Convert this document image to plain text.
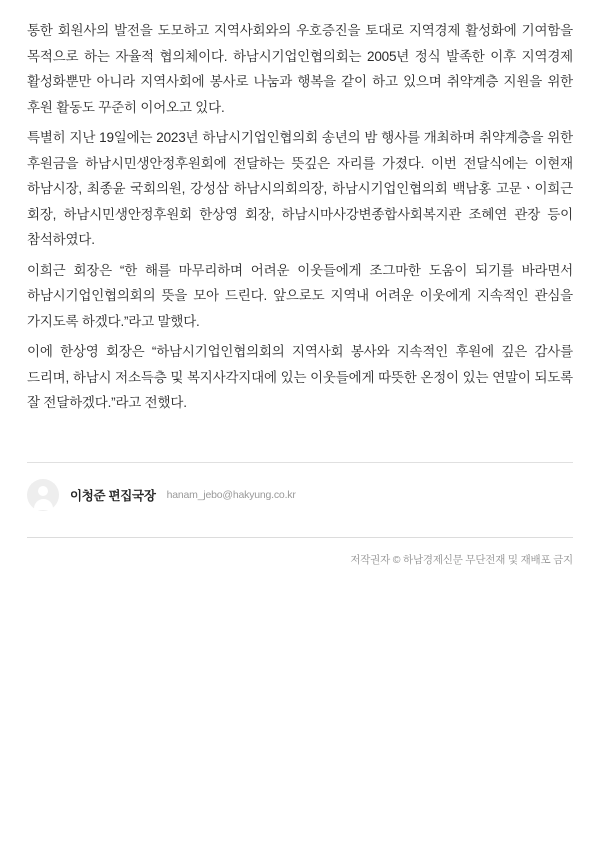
통한 회원사의 발전을 도모하고 지역사회와의 우호증진을 토대로 지역경제 활성화에 기여함을 목적으로 하는 자율적 협의체이다. 하남시기업인협의회는 2005년 정식 발족한 이후 지역경제 활성화뿐만 아니라 지역사회에 봉사로 나눔과 행복을 같이 하고 있으며 취약계층 지원을 위한 후원 활동도 꾸준히 이어오고 있다.

특별히 지난 19일에는 2023년 하남시기업인협의회 송년의 밤 행사를 개최하며 취약계층을 위한 후원금을 하남시민생안정후원회에 전달하는 뜻깊은 자리를 가졌다. 이번 전달식에는 이현재 하남시장, 최종윤 국회의원, 강성삼 하남시의회의장, 하남시기업인협의회 백남홍 고문ㆍ이희근 회장, 하남시민생안정후원회 한상영 회장, 하남시마사강변종합사회복지관 조혜연 관장 등이 참석하였다.

이희근 회장은 “한 해를 마무리하며 어려운 이웃들에게 조그마한 도움이 되기를 바라면서 하남시기업인협의회의 뜻을 모아 드린다. 앞으로도 지역내 어려운 이웃에게 지속적인 관심을 가지도록 하겠다.”라고 말했다.

이에 한상영 회장은 “하남시기업인협의회의 지역사회 봉사와 지속적인 후원에 깊은 감사를 드리며, 하남시 저소득층 및 복지사각지대에 있는 이웃들에게 따뜻한 온정이 있는 연말이 되도록 잘 전달하겠다.”라고 전했다.

이청준 편집국장 hanam_jebo@hakyung.co.kr
저작권자 © 하남경제신문 무단전재 및 재배포 금지
